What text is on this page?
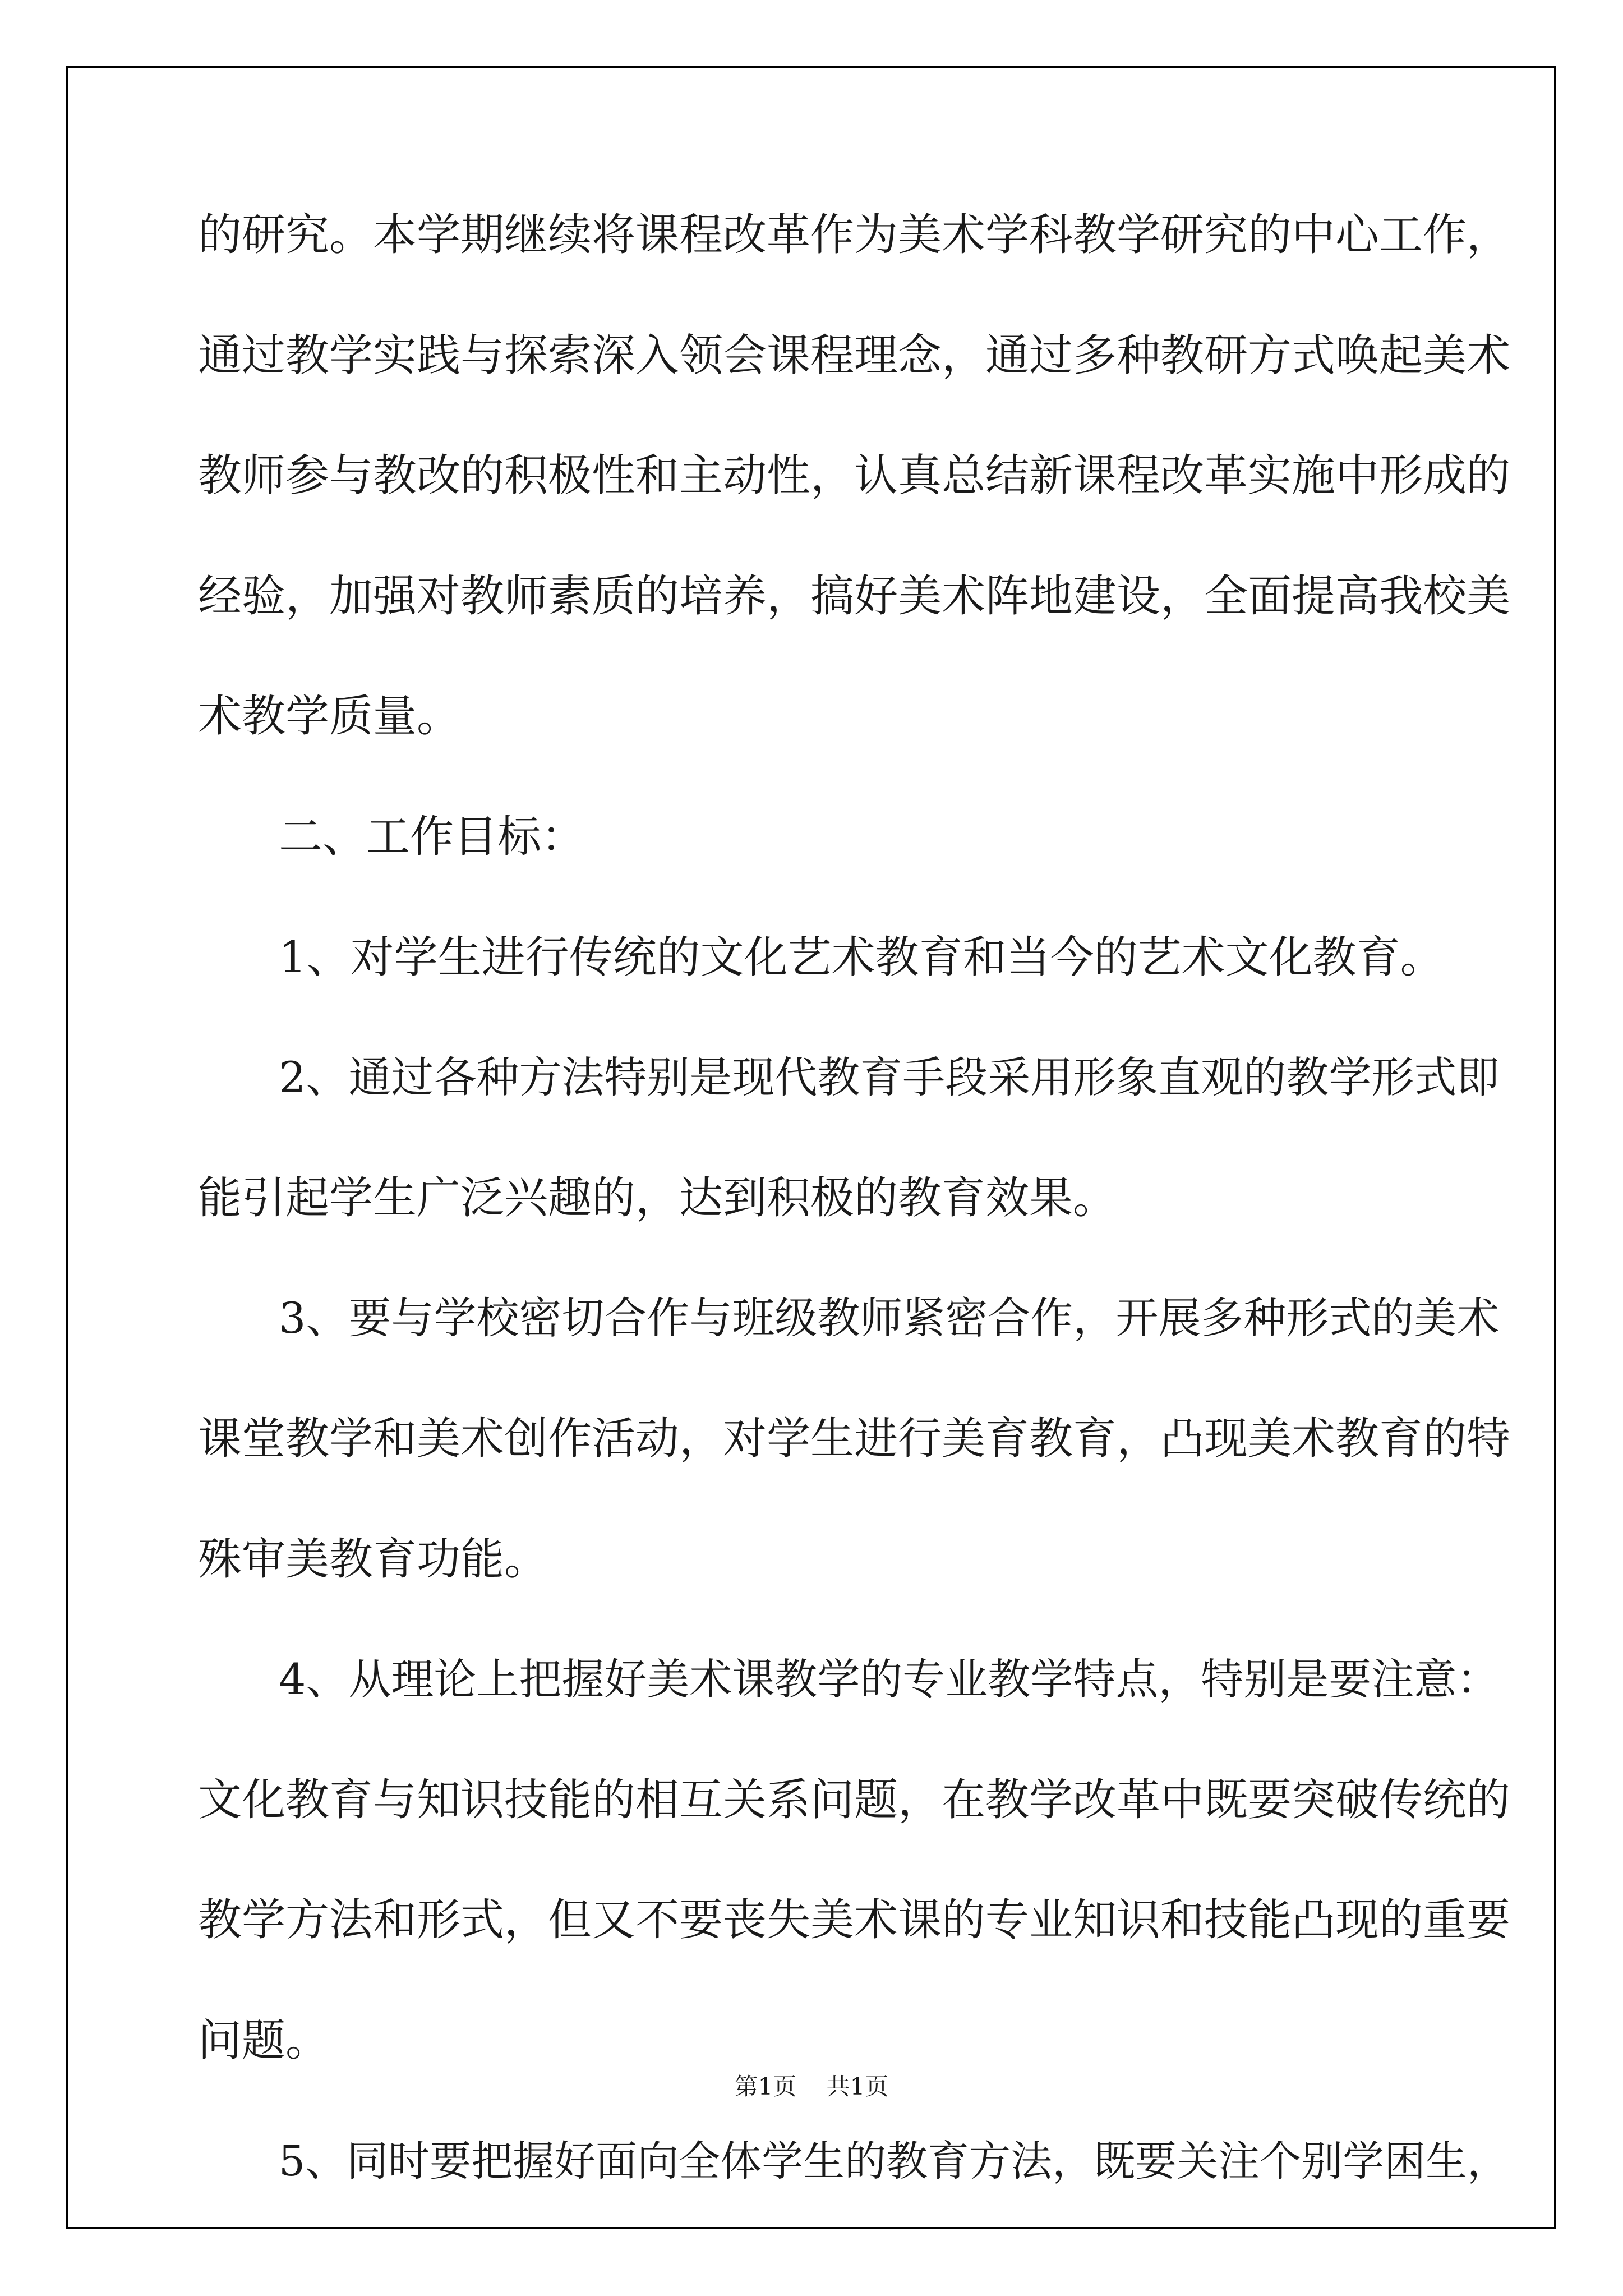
的研究。本学期继续将课程改革作为美术学科教学研究的中心工作，

通过教学实践与探索深入领会课程理念，通过多种教研方式唤起美术

教师参与教改的积极性和主动性，认真总结新课程改革实施中形成的

经验，加强对教师素质的培养，搞好美术阵地建设，全面提高我校美

术教学质量。

二、工作目标：

1、对学生进行传统的文化艺术教育和当今的艺术文化教育。

2、通过各种方法特别是现代教育手段采用形象直观的教学形式即

能引起学生广泛兴趣的，达到积极的教育效果。

3、要与学校密切合作与班级教师紧密合作，开展多种形式的美术

课堂教学和美术创作活动，对学生进行美育教育，凸现美术教育的特

殊审美教育功能。

4、从理论上把握好美术课教学的专业教学特点，特别是要注意：

文化教育与知识技能的相互关系问题，在教学改革中既要突破传统的

教学方法和形式，但又不要丧失美术课的专业知识和技能凸现的重要

问题。

5、同时要把握好面向全体学生的教育方法，既要关注个别学困生，

第1页    共1页
